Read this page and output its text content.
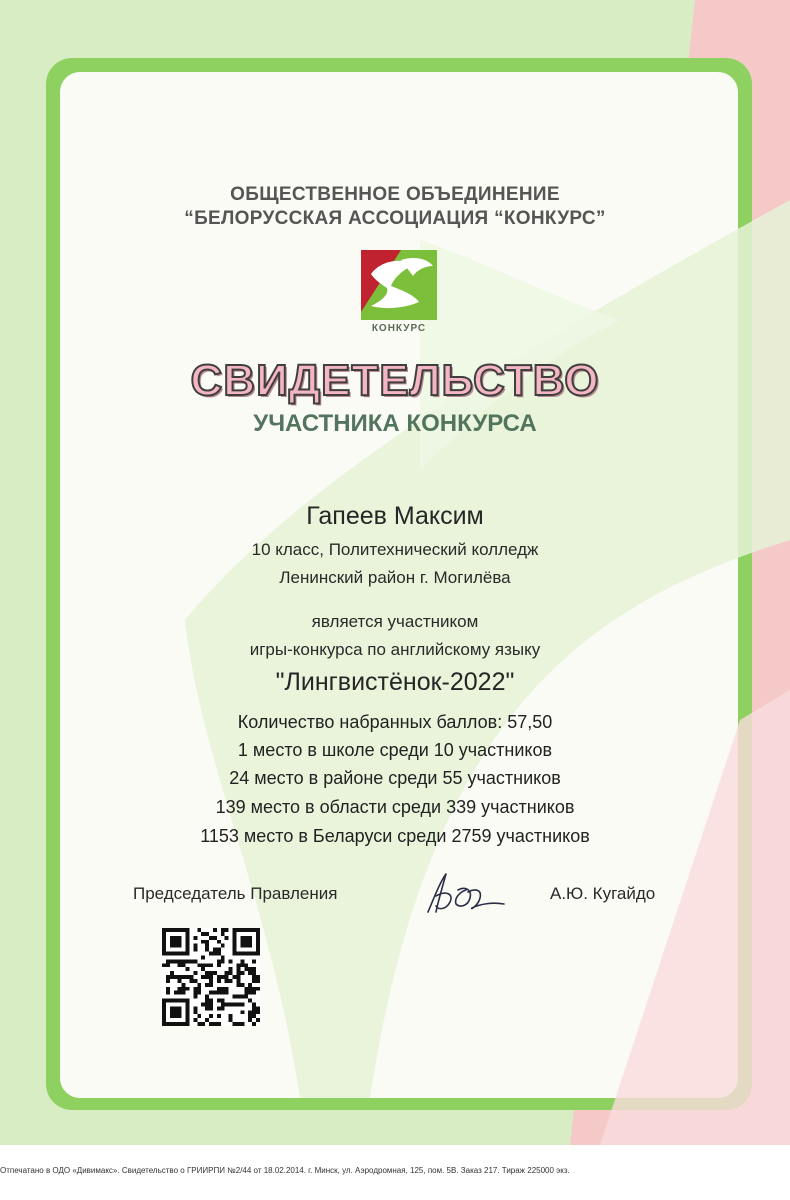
ОБЩЕСТВЕННОЕ ОБЪЕДИНЕНИЕ
“БЕЛОРУССКАЯ АССОЦИАЦИЯ “КОНКУРС”
КОНКУРС
СВИДЕТЕЛЬСТВО
УЧАСТНИКА КОНКУРСА
Гапеев Максим
10 класс, Политехнический колледж
Ленинский район г. Могилёва
является участником
игры-конкурса по английскому языку
"Лингвистёнок-2022"
Количество набранных баллов: 57,50
1 место в школе среди 10 участников
24 место в районе среди 55 участников
139 место в области среди 339 участников
1153 место в Беларуси среди 2759 участников
Председатель Правления	А.Ю. Кугайдо
Отпечатано в ОДО «Дивимакс». Свидетельство о ГРИИРПИ №2/44 от 18.02.2014. г. Минск, ул. Аэродромная, 125, пом. 5В. Заказ 217. Тираж 225000 экз.
